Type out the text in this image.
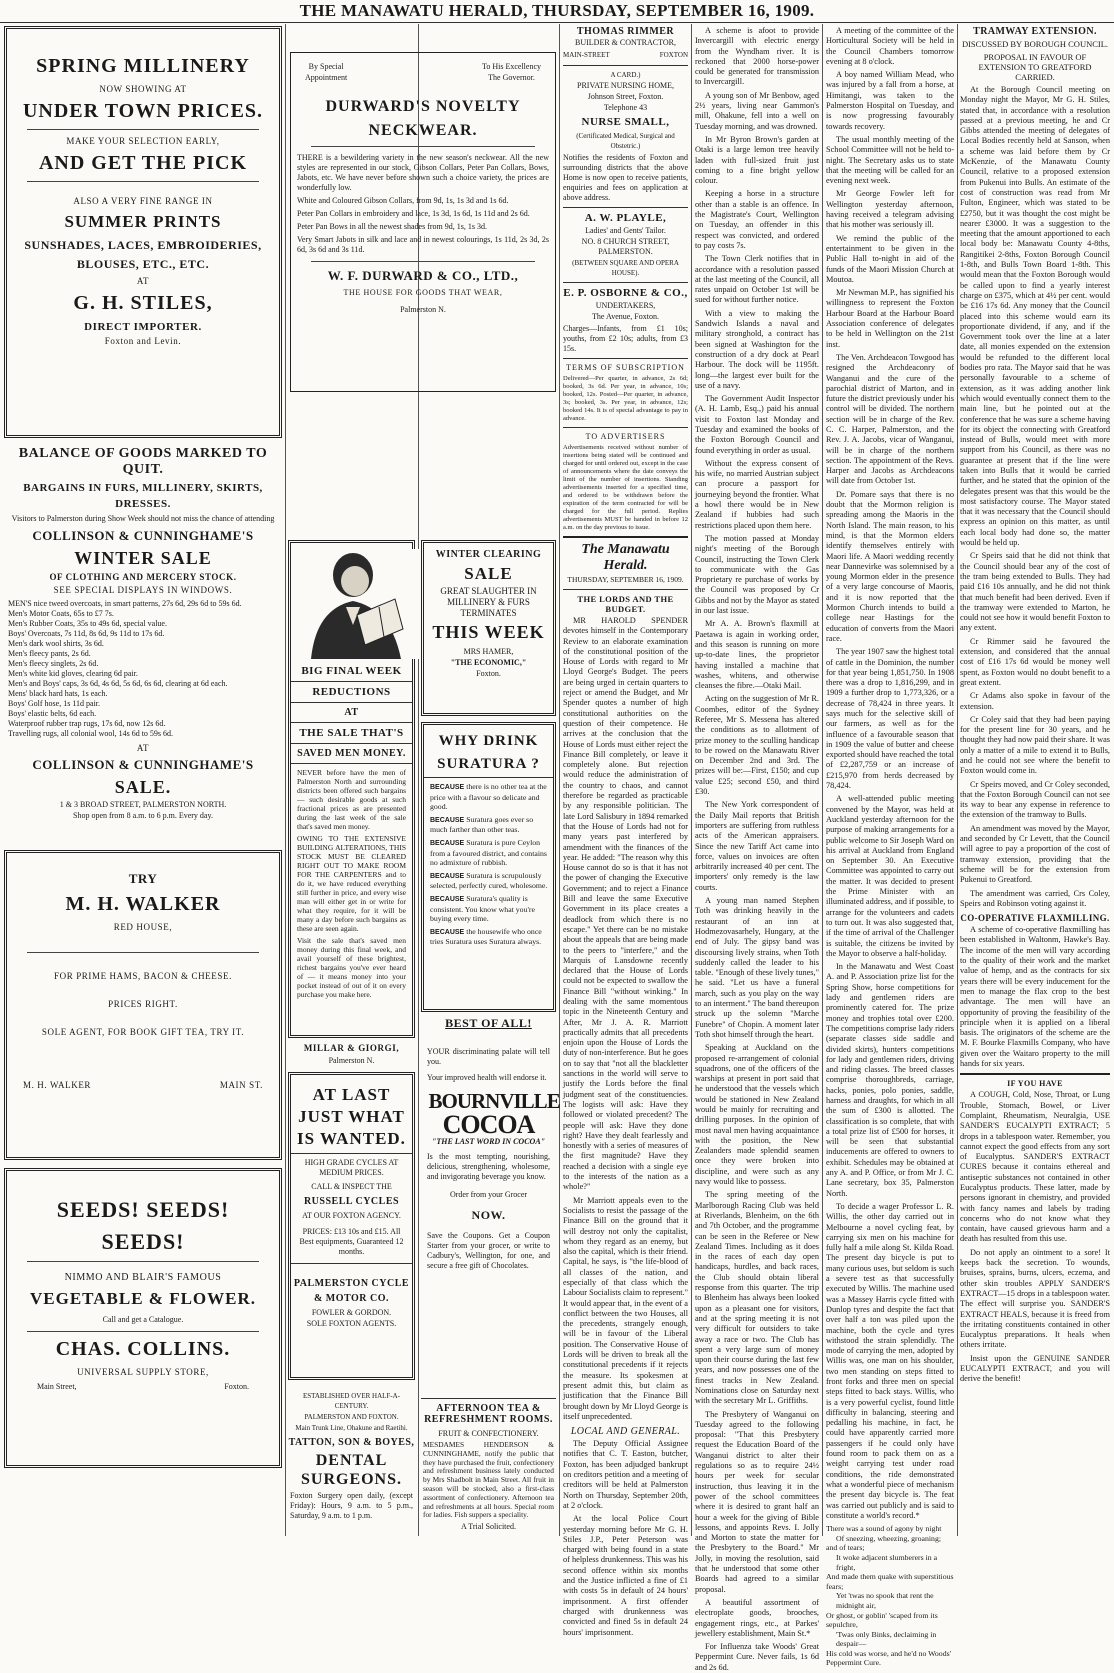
THE MANAWATU HERALD, THURSDAY, SEPTEMBER 16, 1909.
SPRING MILLINERY
NOW SHOWING AT
UNDER TOWN PRICES.
MAKE YOUR SELECTION EARLY,
AND GET THE PICK
ALSO A VERY FINE RANGE IN
SUMMER PRINTS
SUNSHADES, LACES, EMBROIDERIES,
BLOUSES, ETC., ETC.
AT
G. H. STILES,
DIRECT IMPORTER.
Foxton and Levin.
BALANCE OF GOODS MARKED TO QUIT.
BARGAINS IN FURS, MILLINERY, SKIRTS,
DRESSES.
Visitors to Palmerston during Show Week should not miss the chance of attending
COLLINSON & CUNNINGHAME'S
WINTER SALE
OF CLOTHING AND MERCERY STOCK.
SEE SPECIAL DISPLAYS IN WINDOWS.
MEN'S nice tweed overcoats, in smart patterns, 27s 6d, 29s 6d to 59s 6d.
Men's Motor Coats, 65s to £7 7s.
Men's Rubber Coats, 35s to 49s 6d, special value.
Boys' Overcoats, 7s 11d, 8s 6d, 9s 11d to 17s 6d.
Men's dark wool shirts, 3s 6d.
Men's fleecy pants, 2s 6d.
Men's fleecy singlets, 2s 6d.
Men's white kid gloves, clearing 6d pair.
Men's and Boys' caps, 3s 6d, 4s 6d, 5s 6d, 6s 6d, clearing at 6d each.
Mens' black hard hats, 1s each.
Boys' Golf hose, 1s 11d pair.
Boys' elastic belts, 6d each.
Waterproof rubber trap rugs, 17s 6d, now 12s 6d.
Travelling rugs, all colonial wool, 14s 6d to 59s 6d.
AT
COLLINSON & CUNNINGHAME'S
SALE.
1 & 3 BROAD STREET, PALMERSTON NORTH.
Shop open from 8 a.m. to 6 p.m. Every day.
TRY
M. H. WALKER
RED HOUSE,
FOR PRIME HAMS, BACON & CHEESE.
PRICES RIGHT.
SOLE AGENT, FOR BOOK GIFT TEA, TRY IT.
M. H. WALKER	MAIN ST.
SEEDS! SEEDS!
SEEDS!
NIMMO AND BLAIR'S FAMOUS
VEGETABLE & FLOWER.
Call and get a Catalogue.
CHAS. COLLINS.
UNIVERSAL SUPPLY STORE,
Main Street,	Foxton.
By Special
Appointment
To His Excellency
The Governor.
DURWARD'S NOVELTY
NECKWEAR.
THERE is a bewildering variety in the new season's neckwear. All the new styles are represented in our stock, Gibson Collars, Peter Pan Collars, Bows, Jabots, etc. We have never before shown such a choice variety, the prices are wonderfully low.
White and Coloured Gibson Collars, from 9d, 1s, 1s 3d and 1s 6d.
Peter Pan Collars in embroidery and lace, 1s 3d, 1s 6d, 1s 11d and 2s 6d.
Peter Pan Bows in all the newest shades from 9d, 1s, 1s 3d.
Very Smart Jabots in silk and lace and in newest colourings, 1s 11d, 2s 3d, 2s 6d, 3s 6d and 3s 11d.
W. F. DURWARD & CO., LTD.,
THE HOUSE FOR GOODS THAT WEAR,
Palmerston N.
BIG FINAL WEEK
REDUCTIONS
AT
THE SALE THAT'S
SAVED MEN MONEY.
NEVER before have the men of Palmerston North and surrounding districts been offered such bargains — such desirable goods at such fractional prices as are presented during the last week of the sale that's saved men money.
OWING TO THE EXTENSIVE BUILDING ALTERATIONS, THIS STOCK MUST BE CLEARED RIGHT OUT TO MAKE ROOM FOR THE CARPENTERS and to do it, we have reduced everything still further in price, and every wise man will either get in or write for what they require, for it will be many a day before such bargains as these are seen again.
Visit the sale that's saved men money during this final week, and avail yourself of these brightest, richest bargains you've ever heard of — it means money into your pocket instead of out of it on every purchase you make here.
MILLAR & GIORGI,
Palmerston N.
AT LAST
JUST WHAT
IS WANTED.
HIGH GRADE CYCLES AT MEDIUM PRICES.
CALL & INSPECT THE
RUSSELL CYCLES
AT OUR FOXTON AGENCY.
PRICES: £13 10s and £15. All Best equipments, Guaranteed 12 months.
PALMERSTON CYCLE
& MOTOR CO.
FOWLER & GORDON.
SOLE FOXTON AGENTS.
ESTABLISHED OVER HALF-A-CENTURY.
PALMERSTON AND FOXTON.
Main Trunk Line, Ohakune and Raetihi.
TATTON, SON & BOYES,
DENTAL
SURGEONS.
Foxton Surgery open daily, (except Friday): Hours, 9 a.m. to 5 p.m., Saturday, 9 a.m. to 1 p.m.
WINTER CLEARING
SALE
GREAT SLAUGHTER IN
MILLINERY & FURS
TERMINATES
THIS WEEK
MRS HAMER,
"THE ECONOMIC,"
Foxton.
WHY DRINK
SURATURA ?
BECAUSE there is no other tea at the price with a flavour so delicate and good.
BECAUSE Suratura goes ever so much farther than other teas.
BECAUSE Suratura is pure Ceylon from a favoured district, and contains no admixture of rubbish.
BECAUSE Suratura is scrupulously selected, perfectly cured, wholesome.
BECAUSE Suratura's quality is consistent. You know what you're buying every time.
BECAUSE the housewife who once tries Suratura uses Suratura always.
BEST OF ALL!
YOUR discriminating palate will tell you.
Your improved health will endorse it.
BOURNVILLE
COCOA
"THE LAST WORD IN COCOA"
Is the most tempting, nourishing, delicious, strengthening, wholesome, and invigorating beverage you know.
Order from your Grocer
NOW.
Save the Coupons. Get a Coupon Starter from your grocer, or write to Cadbury's, Wellington, for one, and secure a free gift of Chocolates.
AFTERNOON TEA & REFRESHMENT ROOMS.
FRUIT & CONFECTIONERY.
MESDAMES HENDERSON & CUNNINGHAME, notify the public that they have purchased the fruit, confectionery and refreshment business lately conducted by Mrs Shadbolt in Main Street. All fruit in season will be stocked, also a first-class assortment of confectionery. Afternoon tea and refreshments at all hours. Special room for ladies. Fish suppers a speciality.
A Trial Solicited.
THOMAS RIMMER
BUILDER & CONTRACTOR,
MAIN-STREET	FOXTON
A CARD.)
PRIVATE NURSING HOME,
Johnson Street, Foxton.
Telephone 43
NURSE SMALL,
(Certificated Medical, Surgical and Obstetric.)
Notifies the residents of Foxton and surrounding districts that the above Home is now open to receive patients, enquiries and fees on application at above address.
A. W. PLAYLE,
Ladies' and Gents' Tailor.
NO. 8 CHURCH STREET, PALMERSTON.
(BETWEEN SQUARE AND OPERA HOUSE).
E. P. OSBORNE & CO.,
UNDERTAKERS,
The Avenue, Foxton.
Charges—Infants, from £1 10s; youths, from £2 10s; adults, from £3 15s.
TERMS OF SUBSCRIPTION
Delivered—Per quarter, in advance, 2s 6d; booked, 3s 6d. Per year, in advance, 10s; booked, 12s. Posted—Per quarter, in advance, 3s; booked, 3s. Per year, in advance, 12s; booked 14s. It is of special advantage to pay in advance.
TO ADVERTISERS
Advertisements received without number of insertions being stated will be continued and charged for until ordered out, except in the case of announcements where the date conveys the limit of the number of insertions. Standing advertisements inserted for a specified time, and ordered to be withdrawn before the expiration of the term contracted for will be charged for the full period. Replies advertisements MUST be handed in before 12 a.m. on the day previous to issue.
The Manawatu Herald.
THURSDAY, SEPTEMBER 16, 1909.
THE LORDS AND THE BUDGET.

MR HAROLD SPENDER devotes himself in the Contemporary Review to an elaborate examination of the constitutional position of the House of Lords with regard to Mr Lloyd George's Budget. The peers are being urged in certain quarters to reject or amend the Budget, and Mr Spender quotes a number of high constitutional authorities on the question of their competence. He arrives at the conclusion that the House of Lords must either reject the Finance Bill completely, or leave it completely alone. But rejection would reduce the administration of the country to chaos, and cannot therefore be regarded as practicable by any responsible politician. The late Lord Salisbury in 1894 remarked that the House of Lords had not for many years past interfered by amendment with the finances of the year. He added: "The reason why this House cannot do so is that it has not the power of changing the Executive Government; and to reject a Finance Bill and leave the same Executive Government in its place creates a deadlock from which there is no escape." Yet there can be no mistake about the appeals that are being made to the peers to "interfere," and the Marquis of Lansdowne recently declared that the House of Lords could not be expected to swallow the Finance Bill "without winking." In dealing with the same momentous topic in the Nineteenth Century and After, Mr J. A. R. Marriott practically admits that all precedents enjoin upon the House of Lords the duty of non-interference. But he goes on to say that "not all the blackletter sanctions in the world will serve to justify the Lords before the final judgment seat of the constituencies. The logists will ask: Have they followed or violated precedent? The people will ask: Have they done right? Have they dealt fearlessly and honestly with a series of measures of the first magnitude? Have they reached a decision with a single eye to the interests of the nation as a whole?"

Mr Marriott appeals even to the Socialists to resist the passage of the Finance Bill on the ground that it will destroy not only the capitalist, whom they regard as an enemy, but also the capital, which is their friend. Capital, he says, is "the life-blood of all classes of the nation, and especially of that class which the Labour Socialists claim to represent." It would appear that, in the event of a conflict between the two Houses, all the precedents, strangely enough, will be in favour of the Liberal position. The Conservative House of Lords will be driven to break all the constitutional precedents if it rejects the measure. Its spokesmen at present admit this, but claim as justification that the Finance Bill brought down by Mr Lloyd George is itself unprecedented.

LOCAL AND GENERAL.

The Deputy Official Assignee notifies that C. T. Easton, butcher, Foxton, has been adjudged bankrupt on creditors petition and a meeting of creditors will be held at Palmerston North on Thursday, September 20th, at 2 o'clock.

At the local Police Court yesterday morning before Mr G. H. Stiles J.P., Peter Peterson was charged with being found in a state of helpless drunkenness. This was his second offence within six months and the Justice inflicted a fine of £1 with costs 5s in default of 24 hours' imprisonment. A first offender charged with drunkenness was convicted and fined 5s in default 24 hours' imprisonment.

A scheme is afoot to provide Invercargill with electric energy from the Wyndham river. It is reckoned that 2000 horse-power could be generated for transmission to Invercargill.

A young son of Mr Benbow, aged 2½ years, living near Gammon's mill, Ohakune, fell into a well on Tuesday morning, and was drowned.

In Mr Byron Brown's garden at Otaki is a large lemon tree heavily laden with full-sized fruit just coming to a fine bright yellow colour.

Keeping a horse in a structure other than a stable is an offence. In the Magistrate's Court, Wellington on Tuesday, an offender in this respect was convicted, and ordered to pay costs 7s.

The Town Clerk notifies that in accordance with a resolution passed at the last meeting of the Council, all rates unpaid on October 1st will be sued for without further notice.

With a view to making the Sandwich Islands a naval and military stronghold, a contract has been signed at Washington for the construction of a dry dock at Pearl Harbour. The dock will be 1195ft. long—the largest ever built for the use of a navy.

The Government Audit Inspector (A. H. Lamb, Esq.,) paid his annual visit to Foxton last Monday and Tuesday and examined the books of the Foxton Borough Council and found everything in order as usual.

Without the express consent of his wife, no married Austrian subject can procure a passport for journeying beyond the frontier. What a howl there would be in New Zealand if hubbies had such restrictions placed upon them here.

The motion passed at Monday night's meeting of the Borough Council, instructing the Town Clerk to communicate with the Gas Proprietary re purchase of works by the Council was proposed by Cr Gibbs and not by the Mayor as stated in our last issue.

Mr A. A. Brown's flaxmill at Paetawa is again in working order, and this season is running on more up-to-date lines, the proprietor having installed a machine that washes, whitens, and otherwise cleanses the fibre.—Otaki Mail.

Acting on the suggestion of Mr R. Coombes, editor of the Sydney Referee, Mr S. Messena has altered the conditions as to allotment of prize money to the sculling handicap to be rowed on the Manawatu River on December 2nd and 3rd. The prizes will be:—First, £150; and cup value £25; second £50, and third £30.

The New York correspondent of the Daily Mail reports that British importers are suffering from ruthless acts of the American appraisers. Since the new Tariff Act came into force, values on invoices are often arbitrarily increased 40 per cent. The importers' only remedy is the law courts.

A young man named Stephen Toth was drinking heavily in the restaurant of an inn at Hodmezovasarhely, Hungary, at the end of July. The gipsy band was discoursing lively strains, when Toth suddenly called the leader to his table. "Enough of these lively tunes," he said. "Let us have a funeral march, such as you play on the way to an interment." The band thereupon struck up the solemn "Marche Funebre" of Chopin. A moment later Toth shot himself through the heart.

Speaking at Auckland on the proposed re-arrangement of colonial squadrons, one of the officers of the warships at present in port said that he understood that the vessels which would be stationed in New Zealand would be mainly for recruiting and drilling purposes. In the opinion of most naval men having acquaintance with the position, the New Zealanders made splendid seamen once they were broken into discipline, and were such as any navy would like to possess.

The spring meeting of the Marlborough Racing Club was held at Riverlands, Blenheim, on the 6th and 7th October, and the programme can be seen in the Referee or New Zealand Times. Including as it does in the races of each day open handicaps, hurdles, and back races, the Club should obtain liberal response from this quarter. The trip to Blenheim has always been looked upon as a pleasant one for visitors, and at the spring meeting it is not very difficult for outsiders to take away a race or two. The Club has spent a very large sum of money upon their course during the last few years, and now possesses one of the finest tracks in New Zealand. Nominations close on Saturday next with the secretary Mr L. Griffiths.

The Presbytery of Wanganui on Tuesday agreed to the following proposal: "That this Presbytery request the Education Board of the Wanganui district to alter their regulations so as to require 24½ hours per week for secular instruction, thus leaving it in the power of the school committees where it is desired to grant half an hour a week for the giving of Bible lessons, and appoints Revs. I. Jolly and Morton to state the matter for the Presbytery to the Board." Mr Jolly, in moving the resolution, said that he understood that some other Boards had agreed to a similar proposal.

A beautiful assortment of electroplate goods, brooches, engagement rings, etc., at Parkes' jewellery establishment, Main St.*

For Influenza take Woods' Great Peppermint Cure. Never fails, 1s 6d and 2s 6d.

A meeting of the committee of the Horticultural Society will be held in the Council Chambers tomorrow evening at 8 o'clock.

A boy named William Mead, who was injured by a fall from a horse, at Himitangi, was taken to the Palmerston Hospital on Tuesday, and is now progressing favourably towards recovery.

The usual monthly meeting of the School Committee will not be held to-night. The Secretary asks us to state that the meeting will be called for an evening next week.

Mr George Fowler left for Wellington yesterday afternoon, having received a telegram advising that his mother was seriously ill.

We remind the public of the entertainment to be given in the Public Hall to-night in aid of the funds of the Maori Mission Church at Moutoa.

Mr Newman M.P., has signified his willingness to represent the Foxton Harbour Board at the Harbour Board Association conference of delegates to be held in Wellington on the 21st inst.

The Ven. Archdeacon Towgood has resigned the Archdeaconry of Wanganui and the cure of the parochial district of Marton, and in future the district previously under his control will be divided. The northern section will be in charge of the Rev. C. C. Harper, Palmerston, and the Rev. J. A. Jacobs, vicar of Wanganui, will be in charge of the northern section. The appointment of the Revs. Harper and Jacobs as Archdeacons will date from October 1st.

Dr. Pomare says that there is no doubt that the Mormon religion is spreading among the Maoris in the North Island. The main reason, to his mind, is that the Mormon elders identify themselves entirely with Maori life. A Maori wedding recently near Dannevirke was solemnised by a young Mormon elder in the presence of a very large concourse of Maoris, and it is now reported that the Mormon Church intends to build a college near Hastings for the education of converts from the Maori race.

The year 1907 saw the highest total of cattle in the Dominion, the number for that year being 1,851,750. In 1908 there was a drop to 1,816,299, and in 1909 a further drop to 1,773,326, or a decrease of 78,424 in three years. It says much for the selective skill of our farmers, as well as for the influence of a favourable season that in 1909 the value of butter and cheese exported should have reached the total of £2,287,759 or an increase of £215,970 from herds decreased by 78,424.

A well-attended public meeting convened by the Mayor, was held at Auckland yesterday afternoon for the purpose of making arrangements for a public welcome to Sir Joseph Ward on his arrival at Auckland from England on September 30. An Executive Committee was appointed to carry out the matter. It was decided to present the Prime Minister with an illuminated address, and if possible, to arrange for the volunteers and cadets to turn out. It was also suggested that, if the time of arrival of the Challenger is suitable, the citizens be invited by the Mayor to observe a half-holiday.

In the Manawatu and West Coast A. and P. Association prize list for the Spring Show, horse competitions for lady and gentlemen riders are prominently catered for. The prize money and trophies total over £200. The competitions comprise lady riders (separate classes side saddle and divided skirts), hunters competitions for lady and gentlemen riders, driving and riding classes. The breed classes comprise thoroughbreds, carriage, hacks, ponies, polo ponies, saddle, harness and draughts, for which in all the sum of £300 is allotted. The classification is so complete, that with a total prize list of £500 for horses, it will be seen that substantial inducements are offered to owners to exhibit. Schedules may be obtained at any A. and P. Office, or from Mr J. C. Lane secretary, box 35, Palmerston North.

To decide a wager Professor L. R. Willis, the other day carried out in Melbourne a novel cycling feat, by carrying six men on his machine for fully half a mile along St. Kilda Road. The present day bicycle is put to many curious uses, but seldom is such a severe test as that successfully executed by Willis. The machine used was a Massey Harris cycle fitted with Dunlop tyres and despite the fact that over half a ton was piled upon the machine, both the cycle and tyres withstood the strain splendidly. The mode of carrying the men, adopted by Willis was, one man on his shoulder, two men standing on steps fitted to front forks and three men on special steps fitted to back stays. Willis, who is a very powerful cyclist, found little difficulty in balancing, steering and pedalling his machine, in fact, he could have apparently carried more passengers if he could only have found room to pack them on as a weight carrying test under road conditions, the ride demonstrated what a wonderful piece of mechanism the present day bicycle is. The feat was carried out publicly and is said to constitute a world's record.*

There was a sound of agony by night
Of sneezing, wheezing, groaning;
and of tears;
It woke adjacent slumberers in a fright,
And made them quake with superstitious fears;
Yet 'twas no spook that rent the midnight air,
Or ghost, or goblin' 'scaped from its sepulchre,
'Twas only Binks, declaiming in despair—
His cold was worse, and he'd no Woods' Peppermint Cure.
TRAMWAY EXTENSION.
DISCUSSED BY BOROUGH COUNCIL.
PROPOSAL IN FAVOUR OF EXTENSION TO GREATFORD CARRIED.

At the Borough Council meeting on Monday night the Mayor, Mr G. H. Stiles, stated that, in accordance with a resolution passed at a previous meeting, he and Cr Gibbs attended the meeting of delegates of Local Bodies recently held at Sanson, when a scheme was laid before them by Cr McKenzie, of the Manawatu County Council, relative to a proposed extension from Pukenui into Bulls. An estimate of the cost of construction was read from Mr Fulton, Engineer, which was stated to be £2750, but it was thought the cost might be nearer £3000. It was a suggestion to the meeting that the amount apportioned to each local body be: Manawatu County 4-8ths, Rangitikei 2-8ths, Foxton Borough Council 1-8th, and Bulls Town Board 1-8th. This would mean that the Foxton Borough would be called upon to find a yearly interest charge on £375, which at 4½ per cent. would be £16 17s 6d. Any money that the Council placed into this scheme would earn its proportionate dividend, if any, and if the Government took over the line at a later date, all monies expended on the extension would be refunded to the different local bodies pro rata. The Mayor said that he was personally favourable to a scheme of extension, as it was adding another link which would eventually connect them to the main line, but he pointed out at the conference that he was sure a scheme having for its object the connecting with Greatford instead of Bulls, would meet with more support from his Council, as there was no guarantee at present that if the line were taken into Bulls that it would be carried further, and he stated that the opinion of the delegates present was that this would be the most satisfactory course. The Mayor stated that it was necessary that the Council should express an opinion on this matter, as until each local body had done so, the matter would be held up.

Cr Speirs said that he did not think that the Council should bear any of the cost of the tram being extended to Bulls. They had paid £16 10s annually, and he did not think that much benefit had been derived. Even if the tramway were extended to Marton, he could not see how it would benefit Foxton to any extent.

Cr Rimmer said he favoured the extension, and considered that the annual cost of £16 17s 6d would be money well spent, as Foxton would no doubt benefit to a great extent.

Cr Adams also spoke in favour of the extension.

Cr Coley said that they had been paying for the present line for 30 years, and he thought they had now paid their share. It was only a matter of a mile to extend it to Bulls, and he could not see where the benefit to Foxton would come in.

Cr Speirs moved, and Cr Coley seconded, that the Foxton Borough Council can not see its way to bear any expense in reference to the extension of the tramway to Bulls.

An amendment was moved by the Mayor, and seconded by Cr Levett, that the Council will agree to pay a proportion of the cost of tramway extension, providing that the scheme will be for the extension from Pukenui to Greatford.

The amendment was carried, Crs Coley, Speirs and Robinson voting against it.

CO-OPERATIVE FLAXMILLING.

A scheme of co-operative flaxmilling has been established in Waltonm, Hawke's Bay. The income of the men will vary according to the quality of their work and the market value of hemp, and as the contracts for six years there will be every inducement for the men to manage the flax crop to the best advantage. The men will have an opportunity of proving the feasibility of the principle when it is applied on a liberal basis. The originators of the scheme are the M. F. Bourke Flaxmills Company, who have given over the Waitaro property to the mill hands for six years.

IF YOU HAVE

A COUGH, Cold, Nose, Throat, or Lung Trouble, Stomach, Bowel, or Liver Complaint, Rheumatism, Neuralgia, USE SANDER'S EUCALYPTI EXTRACT; 5 drops in a tablespoon water. Remember, you cannot expect the good effects from any sort of Eucalyptus. SANDER'S EXTRACT CURES because it contains ethereal and antiseptic substances not contained in other Eucalyptus products. These latter, made by persons ignorant in chemistry, and provided with fancy names and labels by trading concerns who do not know what they contain, have caused grievous harm and a death has resulted from this use.

Do not apply an ointment to a sore! It keeps back the secretion. To wounds, bruises, sprains, burns, ulcers, eczema, and other skin troubles APPLY SANDER'S EXTRACT—15 drops in a tablespoon water. The effect will surprise you. SANDER'S EXTRACT HEALS, because it is freed from the irritating constituents contained in other Eucalyptus preparations. It heals when others irritate.

Insist upon the GENUINE SANDER EUCALYPTI EXTRACT, and you will derive the benefit!
